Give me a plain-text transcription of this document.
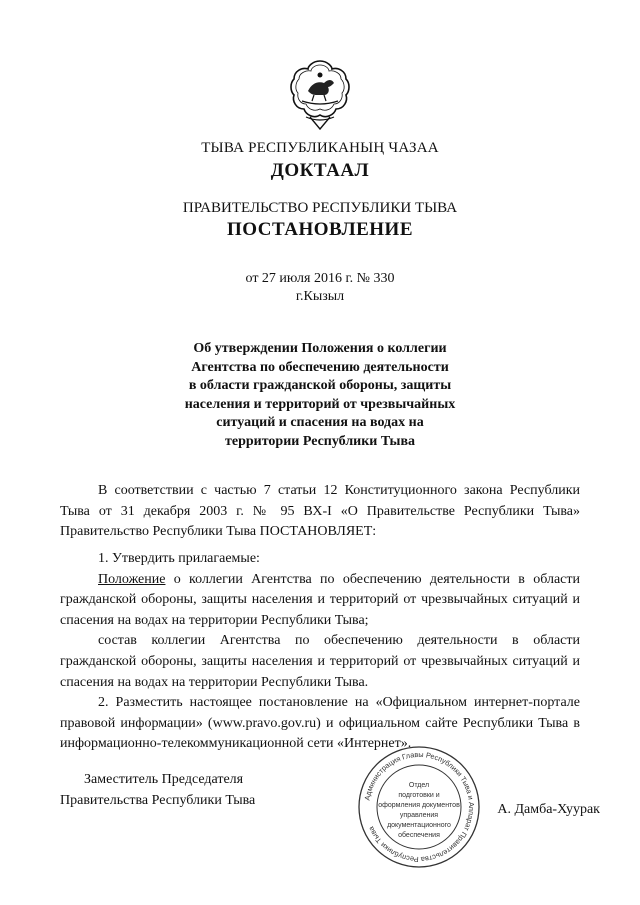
ТЫВА РЕСПУБЛИКАНЫҢ ЧАЗАА
ДОКТААЛ
ПРАВИТЕЛЬСТВО РЕСПУБЛИКИ ТЫВА
ПОСТАНОВЛЕНИЕ
от 27 июля 2016 г. № 330
г.Кызыл
Об утверждении Положения о коллегии
Агентства по обеспечению деятельности
в области гражданской обороны, защиты
населения и территорий от чрезвычайных
ситуаций и спасения на водах на
территории Республики Тыва

В соответствии с частью 7 статьи 12 Конституционного закона Республики Тыва от 31 декабря 2003 г. № 95 ВХ-I «О Правительстве Республики Тыва» Правительство Республики Тыва ПОСТАНОВЛЯЕТ:

1. Утвердить прилагаемые:

Положение о коллегии Агентства по обеспечению деятельности в области гражданской обороны, защиты населения и территорий от чрезвычайных ситуаций и спасения на водах на территории Республики Тыва;

состав коллегии Агентства по обеспечению деятельности в области гражданской обороны, защиты населения и территорий от чрезвычайных ситуаций и спасения на водах на территории Республики Тыва.

2. Разместить настоящее постановление на «Официальном интернет-портале правовой информации» (www.pravo.gov.ru) и официальном сайте Республики Тыва в информационно-телекоммуникационной сети «Интернет».

Заместитель Председателя
Правительства Республики Тыва	Администрация Главы Республики Тыва и Аппарат Правительства Республики Тыва
Отдел
подготовки и
оформления документов
управления
документационного
обеспечения
А. Дамба-Хуурак
